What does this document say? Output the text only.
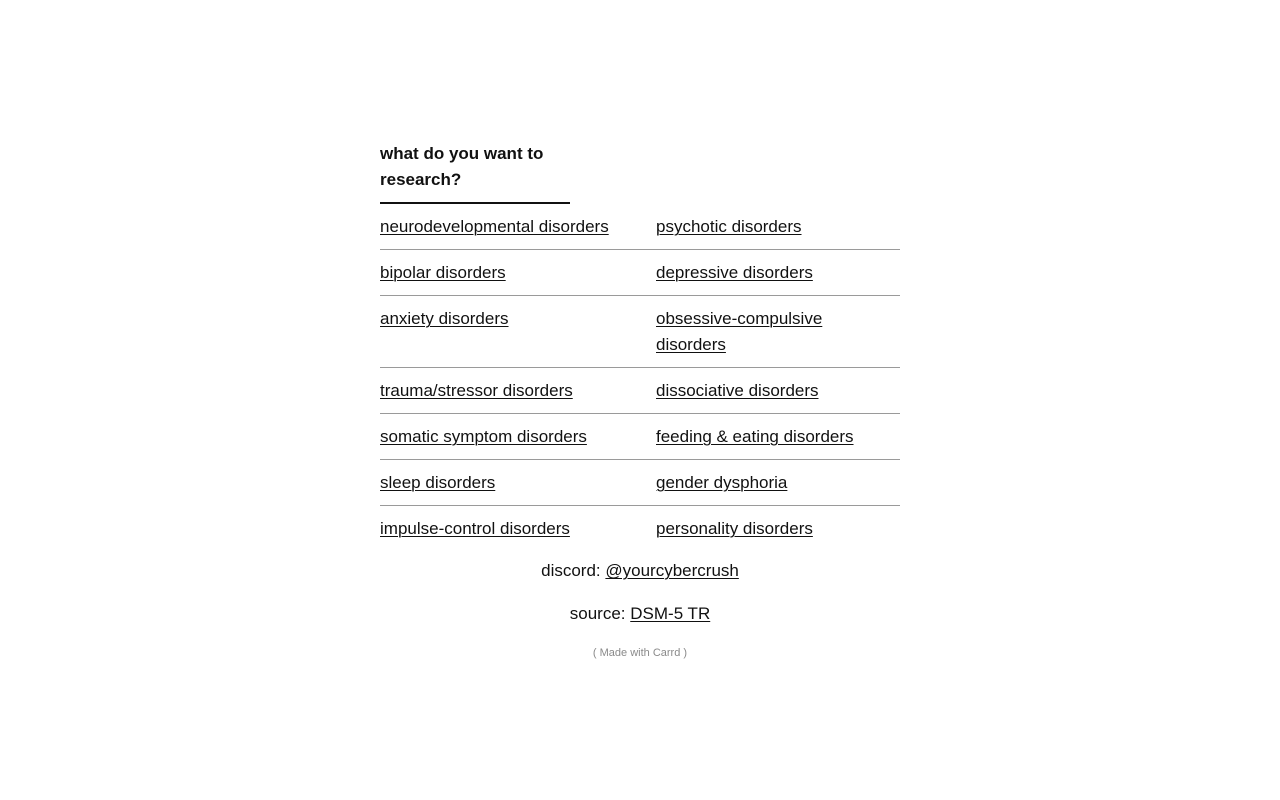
what do you want to research?
neurodevelopmental disorders	psychotic disorders
bipolar disorders	depressive disorders
anxiety disorders	obsessive-compulsive disorders
trauma/stressor disorders	dissociative disorders
somatic symptom disorders	feeding & eating disorders
sleep disorders	gender dysphoria
impulse-control disorders	personality disorders
discord: @yourcybercrush
source: DSM-5 TR
( Made with Carrd )
